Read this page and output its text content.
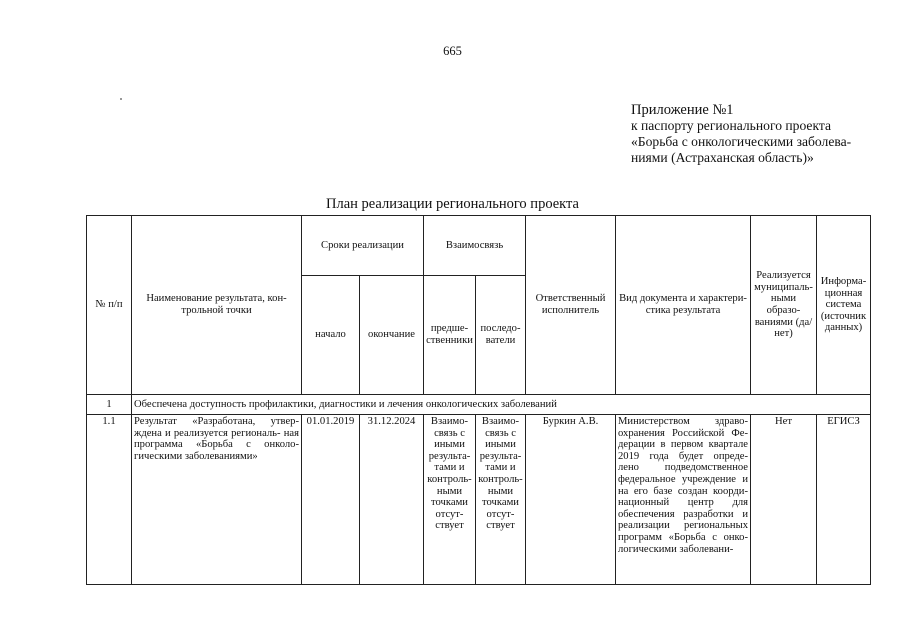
665
Приложение №1
к паспорту регионального проекта
«Борьба с онкологическими заболева-
ниями (Астраханская область)»
План реализации регионального проекта
№ п/п	Наименование результата, кон- трольной точки	Сроки реализации		Взаимосвязь		Ответственный исполнитель	Вид документа и характери- стика результата	Реализуется муниципаль- ными образо- ваниями (да/нет)	Информа- ционная система (источник данных)
		начало	окончание	предше- ственники	последо- ватели				
1	Обеспечена доступность профилактики, диагностики и лечения онкологических заболеваний								
1.1	Результат «Разработана, утвер- ждена и реализуется региональ- ная программа «Борьба с онколо- гическими заболеваниями»	01.01.2019	31.12.2024	Взаимо- связь с иными результа- тами и контроль- ными точками отсут- ствует	Взаимо- связь с иными результа- тами и контроль- ными точками отсут- ствует	Буркин А.В.	Министерством здраво- охранения Российской Фе- дерации в первом квартале 2019 года будет опреде- лено подведомственное федеральное учреждение и на его базе создан коорди- национный центр для обеспечения разработки и реализации региональных программ «Борьба с онко- логическими заболевани-	Нет	ЕГИСЗ
